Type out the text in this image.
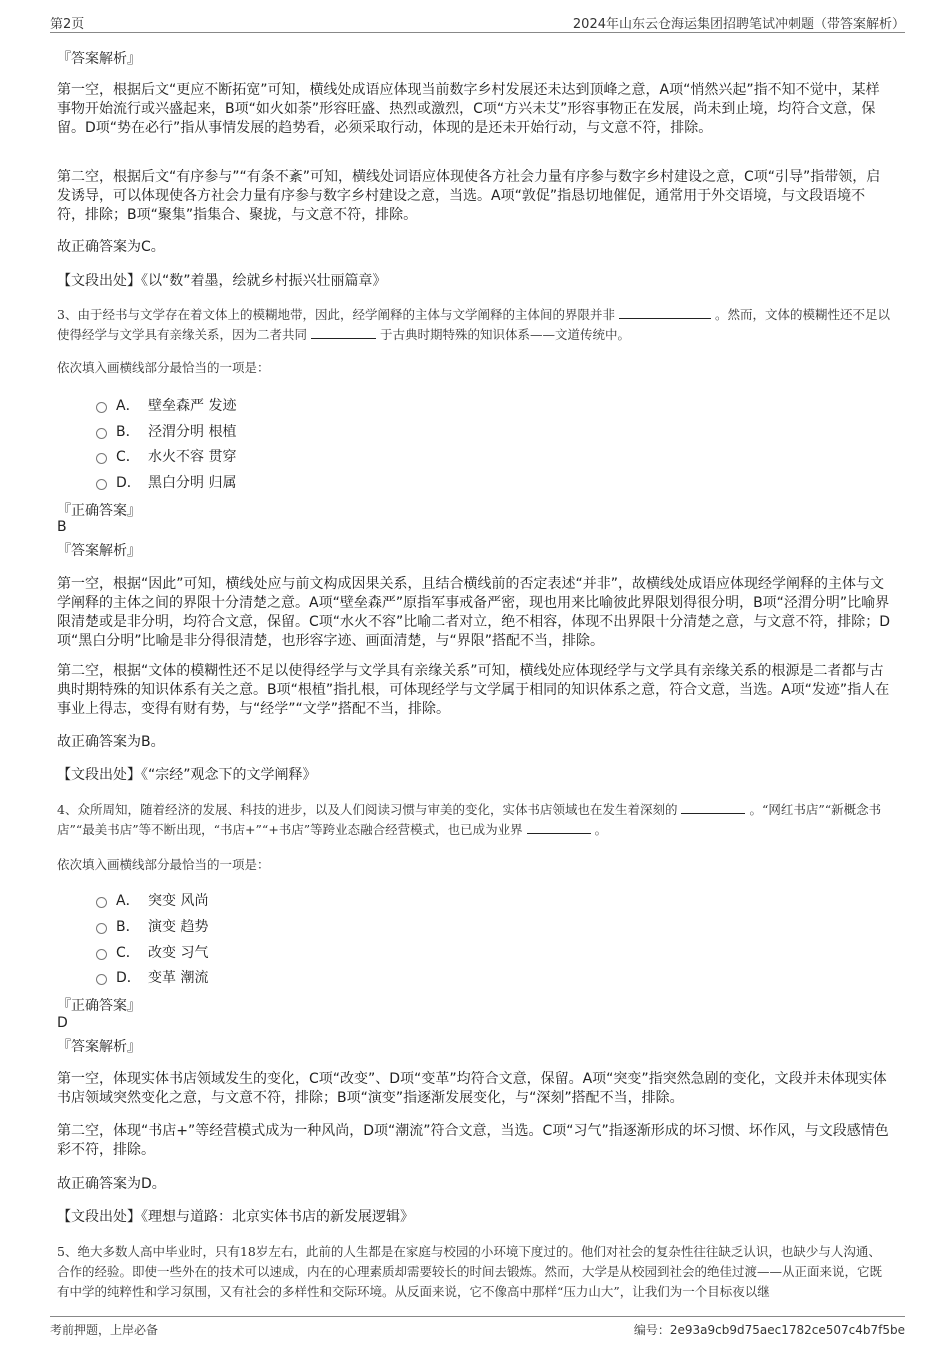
第2页	2024年山东云仓海运集团招聘笔试冲刺题（带答案解析）
『答案解析』
第一空，根据后文“更应不断拓宽”可知，横线处成语应体现当前数字乡村发展还未达到顶峰之意，A项“悄然兴起”指不知不觉中，某样事物开始流行或兴盛起来，B项“如火如荼”形容旺盛、热烈或激烈，C项“方兴未艾”形容事物正在发展，尚未到止境，均符合文意，保留。D项“势在必行”指从事情发展的趋势看，必须采取行动，体现的是还未开始行动，与文意不符，排除。
第二空，根据后文“有序参与”“有条不紊”可知，横线处词语应体现使各方社会力量有序参与数字乡村建设之意，C项“引导”指带领，启发诱导，可以体现使各方社会力量有序参与数字乡村建设之意，当选。A项“敦促”指恳切地催促，通常用于外交语境，与文段语境不符，排除；B项“聚集”指集合、聚拢，与文意不符，排除。
故正确答案为C。
【文段出处】《以“数”着墨，绘就乡村振兴壮丽篇章》
3、由于经书与文学存在着文体上的模糊地带，因此，经学阐释的主体与文学阐释的主体间的界限并非	。然而，文体的模糊性还不足以使得经学与文学具有亲缘关系，因为二者共同	于古典时期特殊的知识体系——文道传统中。
依次填入画横线部分最恰当的一项是：
A． 壁垒森严 发迹
B． 泾渭分明 根植
C． 水火不容 贯穿
D． 黑白分明 归属
『正确答案』
B
『答案解析』
第一空，根据“因此”可知，横线处应与前文构成因果关系，且结合横线前的否定表述“并非”，故横线处成语应体现经学阐释的主体与文学阐释的主体之间的界限十分清楚之意。A项“壁垒森严”原指军事戒备严密，现也用来比喻彼此界限划得很分明，B项“泾渭分明”比喻界限清楚或是非分明，均符合文意，保留。C项“水火不容”比喻二者对立，绝不相容，体现不出界限十分清楚之意，与文意不符，排除；D项“黑白分明”比喻是非分得很清楚，也形容字迹、画面清楚，与“界限”搭配不当，排除。
第二空，根据“文体的模糊性还不足以使得经学与文学具有亲缘关系”可知，横线处应体现经学与文学具有亲缘关系的根源是二者都与古典时期特殊的知识体系有关之意。B项“根植”指扎根，可体现经学与文学属于相同的知识体系之意，符合文意，当选。A项“发迹”指人在事业上得志，变得有财有势，与“经学”“文学”搭配不当，排除。
故正确答案为B。
【文段出处】《“宗经”观念下的文学阐释》
4、众所周知，随着经济的发展、科技的进步，以及人们阅读习惯与审美的变化，实体书店领域也在发生着深刻的	。“网红书店”“新概念书店”“最美书店”等不断出现，“书店+”“+书店”等跨业态融合经营模式，也已成为业界	。
依次填入画横线部分最恰当的一项是：
A． 突变 风尚
B． 演变 趋势
C． 改变 习气
D． 变革 潮流
『正确答案』
D
『答案解析』
第一空，体现实体书店领域发生的变化，C项“改变”、D项“变革”均符合文意，保留。A项“突变”指突然急剧的变化，文段并未体现实体书店领域突然变化之意，与文意不符，排除；B项“演变”指逐渐发展变化，与“深刻”搭配不当，排除。
第二空，体现“书店+”等经营模式成为一种风尚，D项“潮流”符合文意，当选。C项“习气”指逐渐形成的坏习惯、坏作风，与文段感情色彩不符，排除。
故正确答案为D。
【文段出处】《理想与道路：北京实体书店的新发展逻辑》
5、绝大多数人高中毕业时，只有18岁左右，此前的人生都是在家庭与校园的小环境下度过的。他们对社会的复杂性往往缺乏认识，也缺少与人沟通、合作的经验。即使一些外在的技术可以速成，内在的心理素质却需要较长的时间去锻炼。然而，大学是从校园到社会的绝佳过渡——从正面来说，它既有中学的纯粹性和学习氛围，又有社会的多样性和交际环境。从反面来说，它不像高中那样“压力山大”，让我们为一个目标夜以继
考前押题，上岸必备	编号：2e93a9cb9d75aec1782ce507c4b7f5be
